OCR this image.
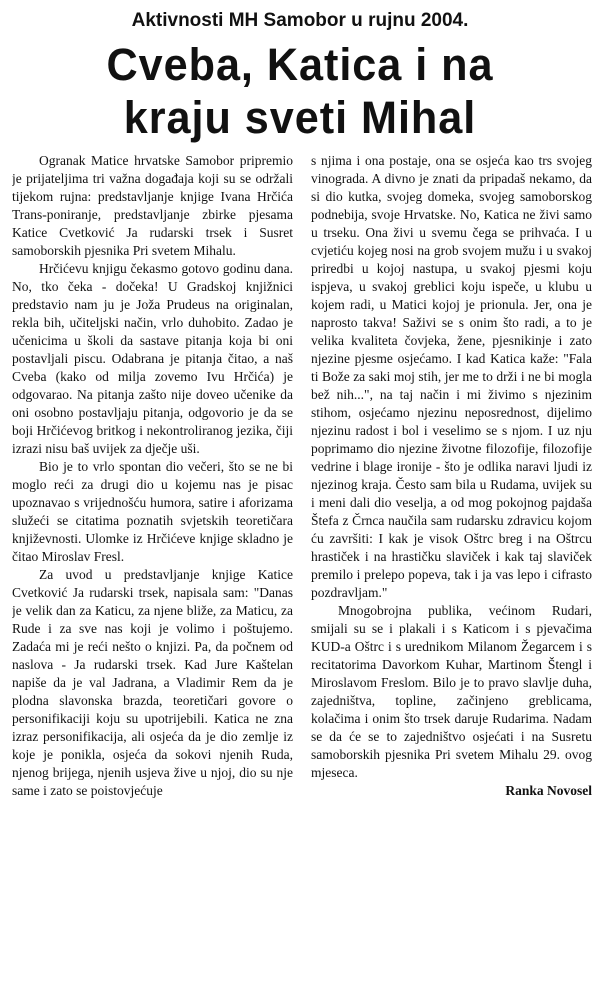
Aktivnosti MH Samobor u rujnu 2004.
Cveba, Katica i na
kraju sveti Mihal

Ogranak Matice hrvatske Samobor pripremio je prijateljima tri važna događaja koji su se održali tijekom rujna: predstavljanje knjige Ivana Hrčića Trans-poniranje, predstavljanje zbirke pjesama Katice Cvetković Ja rudarski trsek i Susret samoborskih pjesnika Pri svetem Mihalu.

Hrčićevu knjigu čekasmo gotovo godinu dana. No, tko čeka - dočeka! U Gradskoj knjižnici predstavio nam ju je Joža Prudeus na originalan, rekla bih, učiteljski način, vrlo duhobito. Zadao je učenicima u školi da sastave pitanja koja bi oni postavljali piscu. Odabrana je pitanja čitao, a naš Cveba (kako od milja zovemo Ivu Hrčića) je odgovarao. Na pitanja zašto nije doveo učenike da oni osobno postavljaju pitanja, odgovorio je da se boji Hrčićevog britkog i nekontroliranog jezika, čiji izrazi nisu baš uvijek za dječje uši.

Bio je to vrlo spontan dio večeri, što se ne bi moglo reći za drugi dio u kojemu nas je pisac upoznavao s vrijednošću humora, satire i aforizama služeći se citatima poznatih svjetskih teoretičara književnosti. Ulomke iz Hrčićeve knjige skladno je čitao Miroslav Fresl.

Za uvod u predstavljanje knjige Katice Cvetković Ja rudarski trsek, napisala sam: "Danas je velik dan za Katicu, za njene bliže, za Maticu, za Rude i za sve nas koji je volimo i poštujemo. Zadaća mi je reći nešto o knjizi. Pa, da počnem od naslova - Ja rudarski trsek. Kad Jure Kaštelan napiše da je val Jadrana, a Vladimir Rem da je plodna slavonska brazda, teoretičari govore o personifikaciji koju su upotrijebili. Katica ne zna izraz personifikacija, ali osjeća da je dio zemlje iz koje je ponikla, osjeća da sokovi njenih Ruda, njenog brijega, njenih usjeva žive u njoj, dio su nje same i zato se poistovjećuje

s njima i ona postaje, ona se osjeća kao trs svojeg vinograda. A divno je znati da pripadaš nekamo, da si dio kutka, svojeg domeka, svojeg samoborskog podnebija, svoje Hrvatske. No, Katica ne živi samo u trseku. Ona živi u svemu čega se prihvaća. I u cvjetiću kojeg nosi na grob svojem mužu i u svakoj priredbi u kojoj nastupa, u svakoj pjesmi koju ispjeva, u svakoj greblici koju ispeče, u klubu u kojem radi, u Matici kojoj je prionula. Jer, ona je naprosto takva! Saživi se s onim što radi, a to je velika kvaliteta čovjeka, žene, pjesnikinje i zato njezine pjesme osjećamo. I kad Katica kaže: "Fala ti Bože za saki moj stih, jer me to drži i ne bi mogla bež nih...", na taj način i mi živimo s njezinim stihom, osjećamo njezinu neposrednost, dijelimo njezinu radost i bol i veselimo se s njom. I uz nju poprimamo dio njezine životne filozofije, filozofije vedrine i blage ironije - što je odlika naravi ljudi iz njezinog kraja. Često sam bila u Rudama, uvijek su i meni dali dio veselja, a od mog pokojnog pajdaša Štefa z Črnca naučila sam rudarsku zdravicu kojom ću završiti: I kak je visok Oštrc breg i na Oštrcu hrastiček i na hrastičku slaviček i kak taj slaviček premilo i prelepo popeva, tak i ja vas lepo i cifrasto pozdravljam."

Mnogobrojna publika, većinom Rudari, smijali su se i plakali i s Katicom i s pjevačima KUD-a Oštrc i s urednikom Milanom Žegarcem i s recitatorima Davorkom Kuhar, Martinom Štengl i Miroslavom Freslom. Bilo je to pravo slavlje duha, zajedništva, topline, začinjeno greblicama, kolačima i onim što trsek daruje Rudarima. Nadam se da će se to zajedništvo osjećati i na Susretu samoborskih pjesnika Pri svetem Mihalu 29. ovog mjeseca.

Ranka Novosel
